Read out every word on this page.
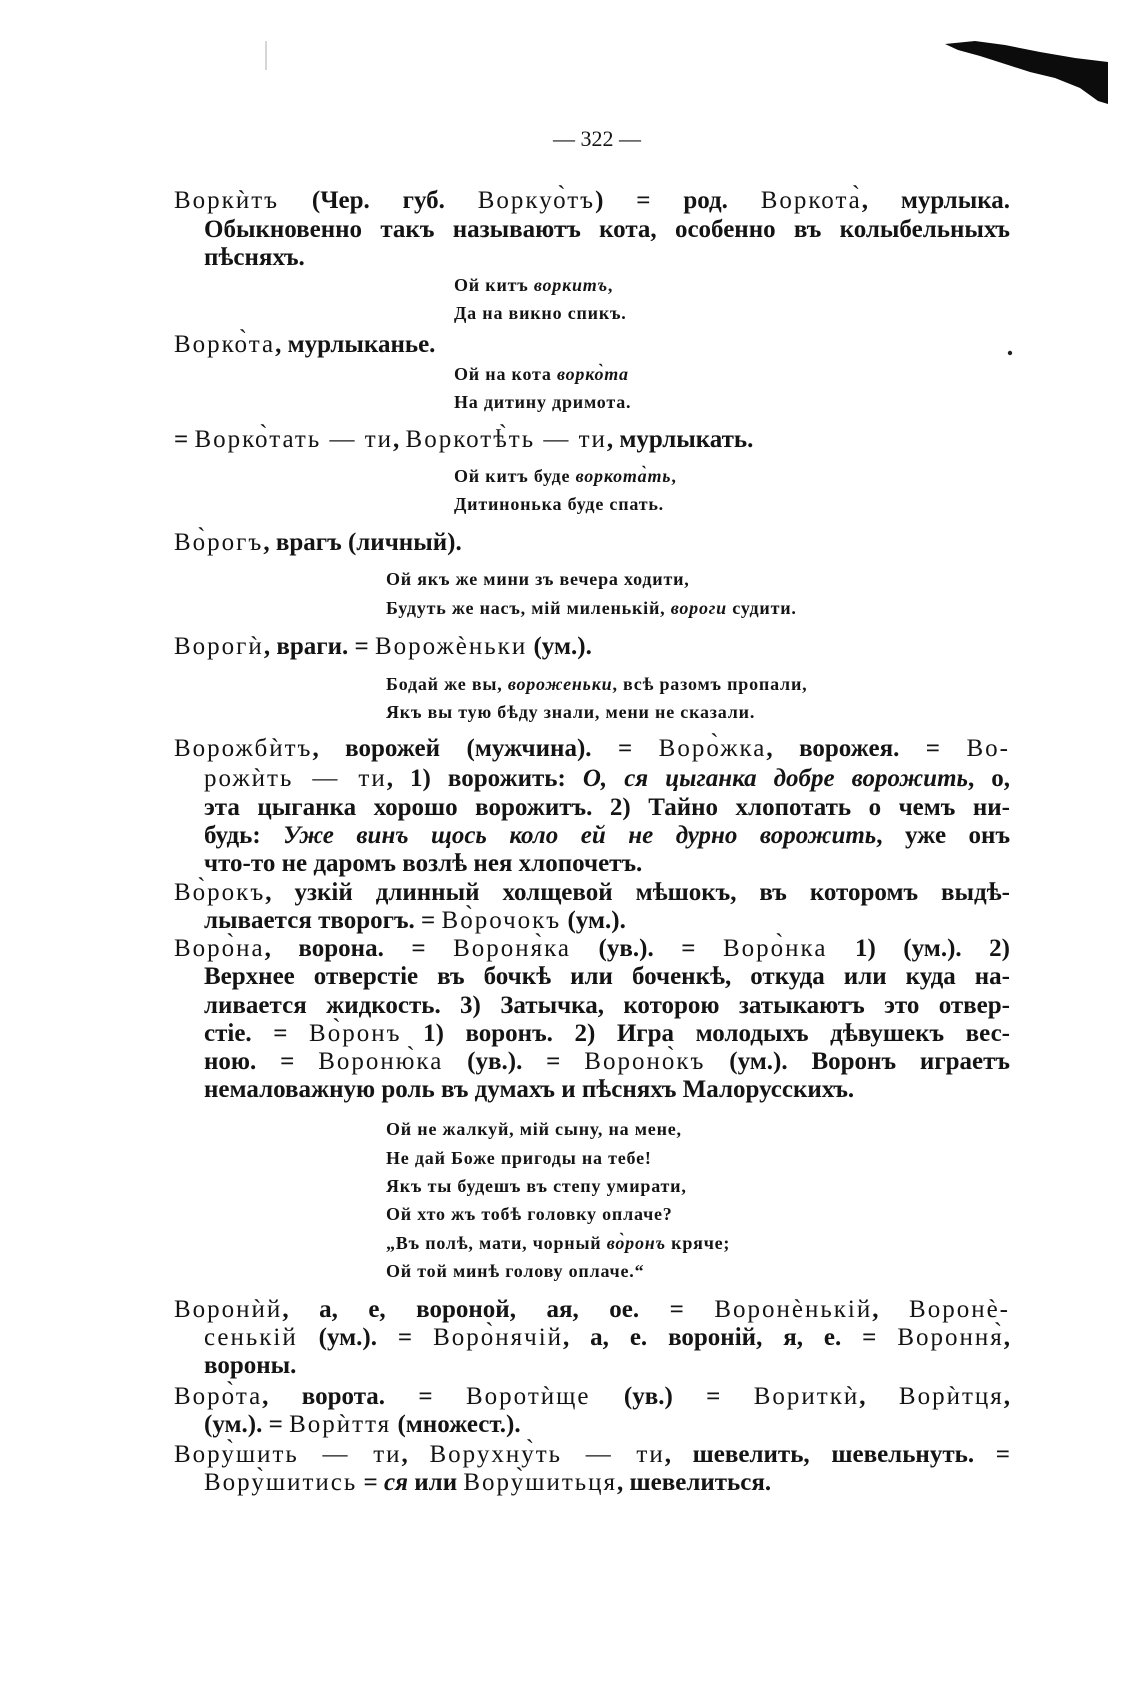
— 322 —
Воркѝтъ (Чер. губ. Воркуо̀тъ) = род. Воркота̀, мурлыка.
Обыкновенно такъ называютъ кота, особенно въ колыбельныхъ
пѣсняхъ.
Ой китъ воркитъ,
Да на викно спикъ.
Ворко̀та, мурлыканье.
Ой на кота ворко̀та
На дитину дримота.
= Ворко̀тать — ти, Воркотѣ̀ть — ти, мурлыкать.
Ой китъ буде воркота̀ть,
Дитинонька буде спать.
Во̀рогъ, врагъ (личный).
Ой якъ же мини зъ вечера ходити,
Будуть же насъ, мій миленькій, вороги судити.
Ворогѝ, враги. = Ворожѐньки (ум.).
Бодай же вы, вороженьки, всѣ разомъ пропали,
Якъ вы тую бѣду знали, мени не сказали.
Ворожбѝтъ, ворожей (мужчина). = Воро̀жка, ворожея. = Во-
рожѝть — ти, 1) ворожить: О, ся цыганка добре ворожить, о,
эта цыганка хорошо ворожитъ. 2) Тайно хлопотать о чемъ ни-
будь: Уже винъ щось коло ей не дурно ворожить, уже онъ
что-то не даромъ возлѣ нея хлопочетъ.
Во̀рокъ, узкій длинный холщевой мѣшокъ, въ которомъ выдѣ-
лывается творогъ. = Во̀рочокъ (ум.).
Воро̀на, ворона. = Вороня̀ка (ув.). = Воро̀нка 1) (ум.). 2)
Верхнее отверстіе въ бочкѣ или боченкѣ, откуда или куда на-
ливается жидкость. 3) Затычка, которою затыкаютъ это отвер-
стіе. = Во̀ронъ 1) воронъ. 2) Игра молодыхъ дѣвушекъ вес-
ною. = Вороню̀ка (ув.). = Вороно̀къ (ум.). Воронъ играетъ
немаловажную роль въ думахъ и пѣсняхъ Малорусскихъ.
Ой не жалкуй, мій сыну, на мене,
Не дай Боже пригоды на тебе!
Якъ ты будешъ въ степу умирати,
Ой хто жъ тобѣ головку оплаче?
„Въ полѣ, мати, чорный во̀ронъ кряче;
Ой той минѣ голову оплаче.“
Воронѝй, а, е, вороной, ая, ое. = Воронѐнькій, Воронѐ-
сенькій (ум.). = Воро̀нячій, а, е. вороній, я, е. = Вороння̀,
вороны.
Воро̀та, ворота. = Воротѝще (ув.) = Вориткѝ, Ворѝтця,
(ум.). = Ворѝття (множест.).
Вору̀шить — ти, Ворухну̀ть — ти, шевелить, шевельнуть. =
Вору̀шитись = ся или Вору̀шитьця, шевелиться.
